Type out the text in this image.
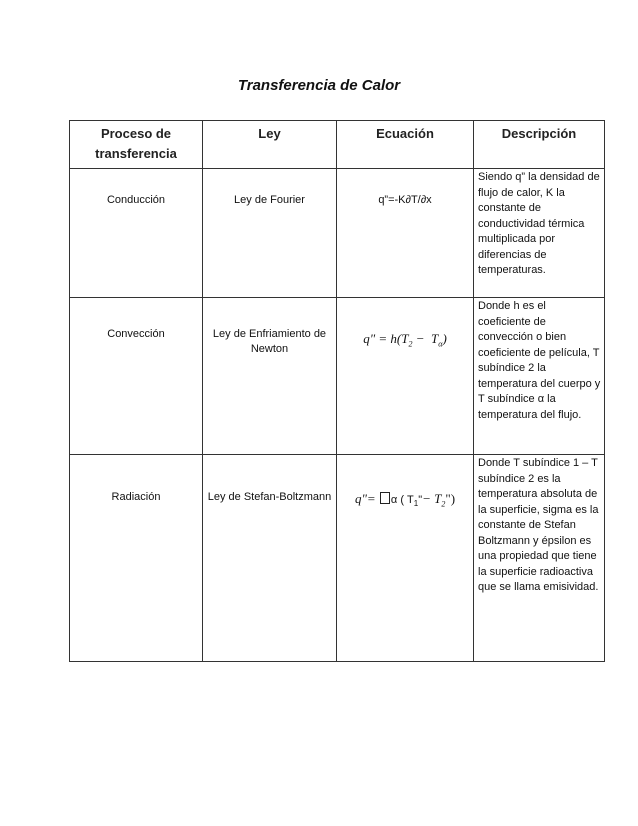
Transferencia de Calor
Proceso de transferencia	Ley	Ecuación	Descripción
Conducción	Ley de Fourier	q”=-K∂T/∂x	Siendo q” la densidad de flujo de calor, K la constante de conductividad térmica multiplicada por diferencias de temperaturas.
Convección	Ley de Enfriamiento de Newton	q" = $h(T_2 - T_\alpha)$	Donde h es el coeficiente de convección o bien coeficiente de película, T subíndice 2 la temperatura del cuerpo y T subíndice α la temperatura del flujo.
Radiación	Ley de Stefan-Boltzmann	q"= α ( $T_1"-$ $T_2$")	Donde T subíndice 1 – T subíndice 2 es la temperatura absoluta de la superficie, sigma es la constante de Stefan Boltzmann y épsilon es una propiedad que tiene la superficie radioactiva que se llama emisividad.
